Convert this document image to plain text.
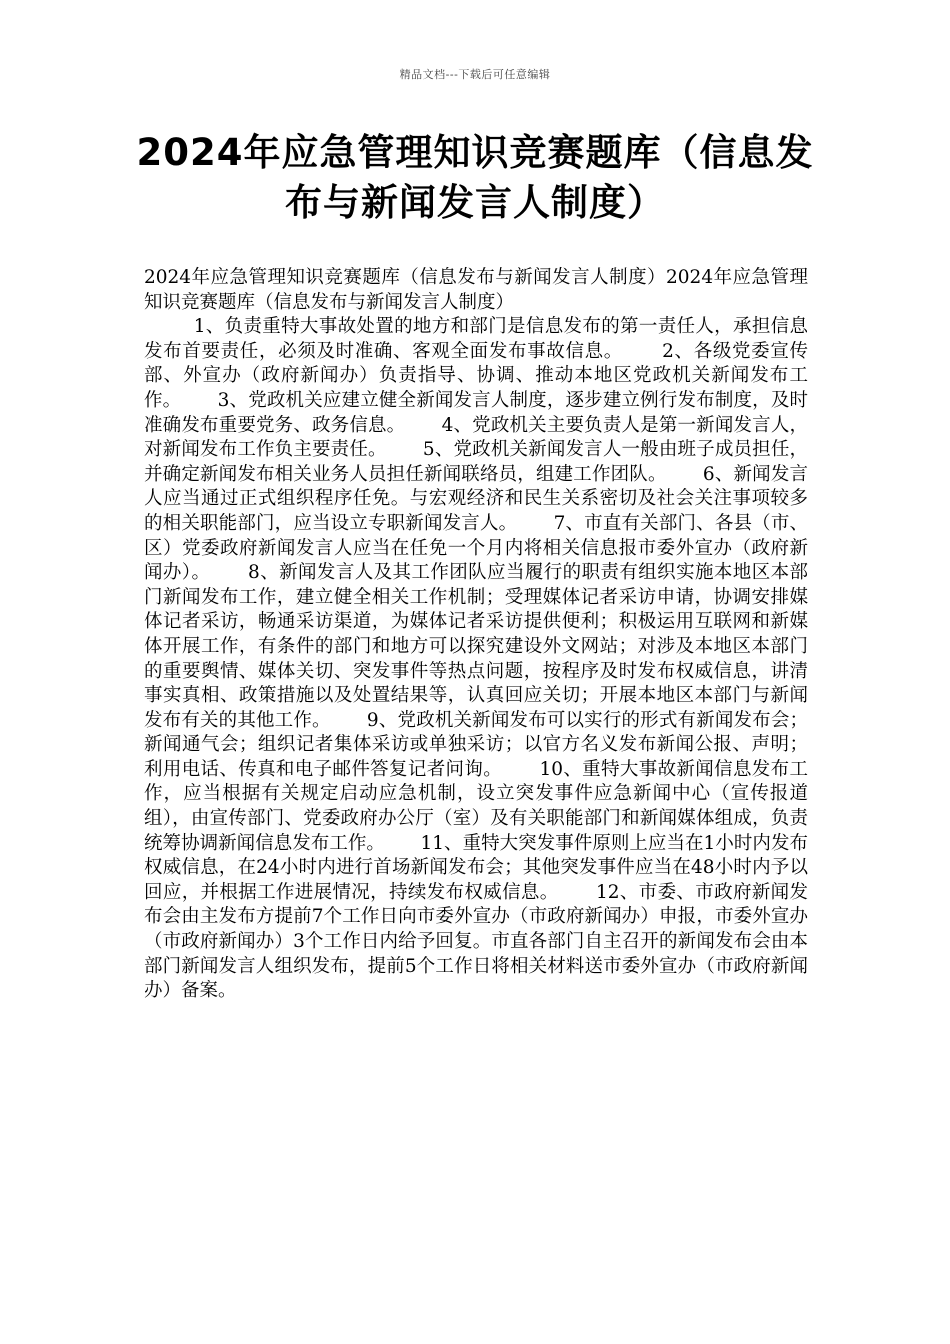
精品文档---下载后可任意编辑
2024年应急管理知识竞赛题库（信息发布与新闻发言人制度）
2024年应急管理知识竞赛题库（信息发布与新闻发言人制度）2024年应急管理知识竞赛题库（信息发布与新闻发言人制度）
1、负责重特大事故处置的地方和部门是信息发布的第一责任人，承担信息发布首要责任，必须及时准确、客观全面发布事故信息。      2、各级党委宣传部、外宣办（政府新闻办）负责指导、协调、推动本地区党政机关新闻发布工作。      3、党政机关应建立健全新闻发言人制度，逐步建立例行发布制度，及时准确发布重要党务、政务信息。      4、党政机关主要负责人是第一新闻发言人，对新闻发布工作负主要责任。      5、党政机关新闻发言人一般由班子成员担任，并确定新闻发布相关业务人员担任新闻联络员，组建工作团队。      6、新闻发言人应当通过正式组织程序任免。与宏观经济和民生关系密切及社会关注事项较多的相关职能部门，应当设立专职新闻发言人。      7、市直有关部门、各县（市、区）党委政府新闻发言人应当在任免一个月内将相关信息报市委外宣办（政府新闻办）。      8、新闻发言人及其工作团队应当履行的职责有组织实施本地区本部门新闻发布工作，建立健全相关工作机制；受理媒体记者采访申请，协调安排媒体记者采访，畅通采访渠道，为媒体记者采访提供便利；积极运用互联网和新媒体开展工作，有条件的部门和地方可以探究建设外文网站；对涉及本地区本部门的重要舆情、媒体关切、突发事件等热点问题，按程序及时发布权威信息，讲清事实真相、政策措施以及处置结果等，认真回应关切；开展本地区本部门与新闻发布有关的其他工作。      9、党政机关新闻发布可以实行的形式有新闻发布会；新闻通气会；组织记者集体采访或单独采访；以官方名义发布新闻公报、声明；利用电话、传真和电子邮件答复记者问询。      10、重特大事故新闻信息发布工作，应当根据有关规定启动应急机制，设立突发事件应急新闻中心（宣传报道组），由宣传部门、党委政府办公厅（室）及有关职能部门和新闻媒体组成，负责统筹协调新闻信息发布工作。      11、重特大突发事件原则上应当在1小时内发布权威信息，在24小时内进行首场新闻发布会；其他突发事件应当在48小时内予以回应，并根据工作进展情况，持续发布权威信息。      12、市委、市政府新闻发布会由主发布方提前7个工作日向市委外宣办（市政府新闻办）申报，市委外宣办（市政府新闻办）3个工作日内给予回复。市直各部门自主召开的新闻发布会由本部门新闻发言人组织发布，提前5个工作日将相关材料送市委外宣办（市政府新闻办）备案。
